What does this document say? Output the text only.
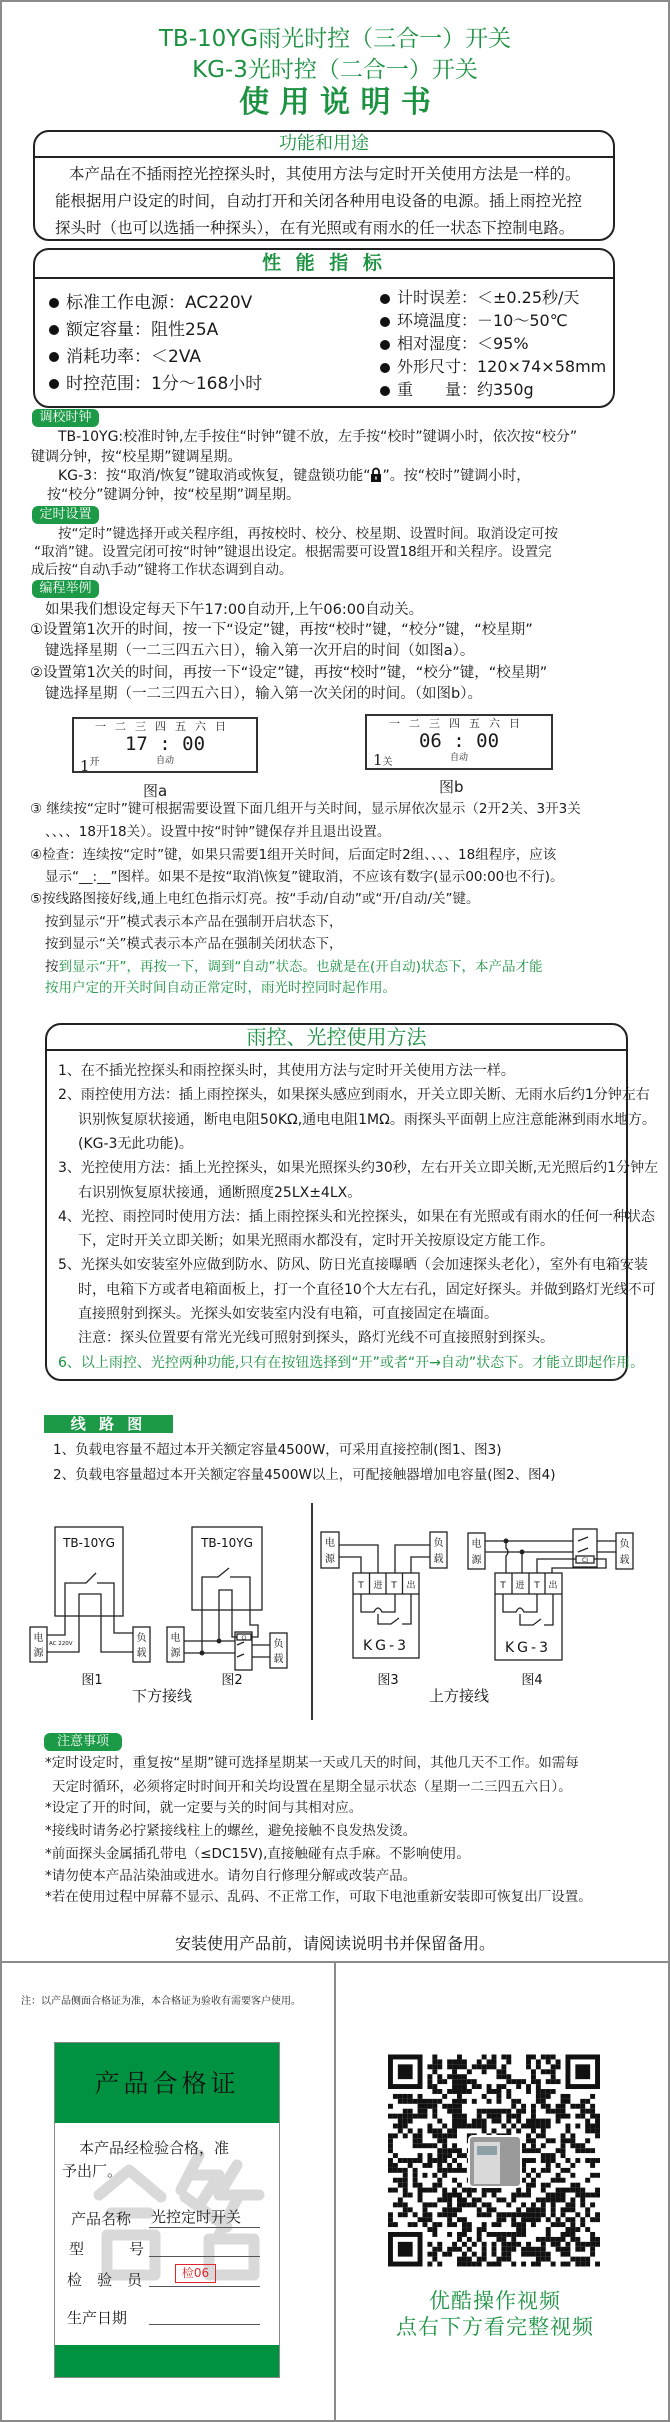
TB-10YG雨光时控（三合一）开关
KG-3光时控（二合一）开关
使 用 说 明 书
功能和用途
本产品在不插雨控光控探头时，其使用方法与定时开关使用方法是一样的。
能根据用户设定的时间，自动打开和关闭各种用电设备的电源。插上雨控光控
探头时（也可以选插一种探头），在有光照或有雨水的任一状态下控制电路。
性 能 指 标
标准工作电源：AC220V
额定容量：阻性25A
消耗功率：＜2VA
时控范围：1分～168小时
计时误差：＜±0.25秒/天
环境温度：－10～50℃
相对湿度：＜95%
外形尺寸：120×74×58mm
重　　量：约350g
调校时钟
TB-10YG:校准时钟,左手按住“时钟”键不放，左手按“校时”键调小时，依次按“校分”
键调分钟，按“校星期”键调星期。
KG-3：按“取消/恢复”键取消或恢复，键盘锁功能“ ”。按“校时”键调小时，
按“校分”键调分钟，按“校星期”调星期。
定时设置
按“定时”键选择开或关程序组，再按校时、校分、校星期、设置时间。取消设定可按
“取消”键。设置完闭可按“时钟”键退出设定。根据需要可设置18组开和关程序。设置完
成后按“自动\手动”键将工作状态调到自动。
编程举例
如果我们想设定每天下午17:00自动开,上午06:00自动关。
①设置第1次开的时间，按一下“设定”键，再按“校时”键，“校分”键，“校星期”
键选择星期（一二三四五六日），输入第一次开启的时间（如图a）。
②设置第1次关的时间，再按一下“设定”键，再按“校时”键，“校分”键，“校星期”
键选择星期（一二三四五六日），输入第一次关闭的时间。（如图b）。
一二三四五六日
17 : 00
自动
$1^开$
图a
一二三四五六日
06 : 00
自动
1关
图b
③ 继续按“定时”键可根据需要设置下面几组开与关时间，显示屏依次显示（2开2关、3开3关
、、、、18开18关）。设置中按“时钟”键保存并且退出设置。
④检查：连续按“定时”键，如果只需要1组开关时间，后面定时2组、、、、18组程序，应该
显示“__:__”图样。如果不是按“取消\恢复”键取消，不应该有数字(显示00:00也不行)。
⑤按线路图接好线,通上电红色指示灯亮。按“手动/自动”或“开/自动/关”键。
按到显示“开”模式表示本产品在强制开启状态下，
按到显示“关”模式表示本产品在强制关闭状态下，
按到显示“开”，再按一下，调到“自动”状态。也就是在(开自动)状态下，本产品才能
按用户定的开关时间自动正常定时，雨光时控同时起作用。
雨控、光控使用方法
1、在不插光控探头和雨控探头时，其使用方法与定时开关使用方法一样。
2、雨控使用方法：插上雨控探头，如果探头感应到雨水，开关立即关断、无雨水后约1分钟左右
识别恢复原状接通，断电电阻50KΩ,通电电阻1MΩ。雨探头平面朝上应注意能淋到雨水地方。
(KG-3无此功能)。
3、光控使用方法：插上光控探头，如果光照探头约30秒，左右开关立即关断,无光照后约1分钟左
右识别恢复原状接通，通断照度25LX±4LX。
4、光控、雨控同时使用方法：插上雨控探头和光控探头，如果在有光照或有雨水的任何一种状态
下，定时开关立即关断；如果光照雨水都没有，定时开关按原设定方能工作。
5、光探头如安装室外应做到防水、防风、防日光直接曝晒（会加速探头老化），室外有电箱安装
时，电箱下方或者电箱面板上，打一个直径10个大左右孔，固定好探头。并做到路灯光线不可
直接照射到探头。光探头如安装室内没有电箱，可直接固定在墙面。
注意：探头位置要有常光光线可照射到探头，路灯光线不可直接照射到探头。
6、以上雨控、光控两种功能,只有在按钮选择到“开”或者“开→自动”状态下。才能立即起作用。
线 路 图
1、负载电容量不超过本开关额定容量4500W，可采用直接控制(图1、图3)
2、负载电容量超过本开关额定容量4500W以上，可配接触器增加电容量(图2、图4)
TB-10YG
电
源
AC 220V	负
载
图1
TB-10YG
CJ
电
源
负
载
图2
电
源
负
载
T 进 T 出
KG-3
图3
电
源	CJ
负
载
T 进 T 出
KG-3
图4
下方接线	上方接线
注意事项
*定时设定时，重复按“星期”键可选择星期某一天或几天的时间，其他几天不工作。如需每
天定时循环，必须将定时时间开和关均设置在星期全显示状态（星期一二三四五六日）。
*设定了开的时间，就一定要与关的时间与其相对应。
*接线时请务必拧紧接线柱上的螺丝，避免接触不良发热发烫。
*前面探头金属插孔带电（≤DC15V),直接触碰有点手麻。不影响使用。
*请勿使本产品沾染油或进水。请勿自行修理分解或改装产品。
*若在使用过程中屏幕不显示、乱码、不正常工作，可取下电池重新安装即可恢复出厂设置。
安装使用产品前，请阅读说明书并保留备用。
注：以产品侧面合格证为准，本合格证为验收有需要客户使用。
产品合格证
本产品经检验合格，准
予出厂。
产品名称 光控定时开关
型　　　号
检　验　员	检06
生产日期
优酷操作视频
点右下方看完整视频
